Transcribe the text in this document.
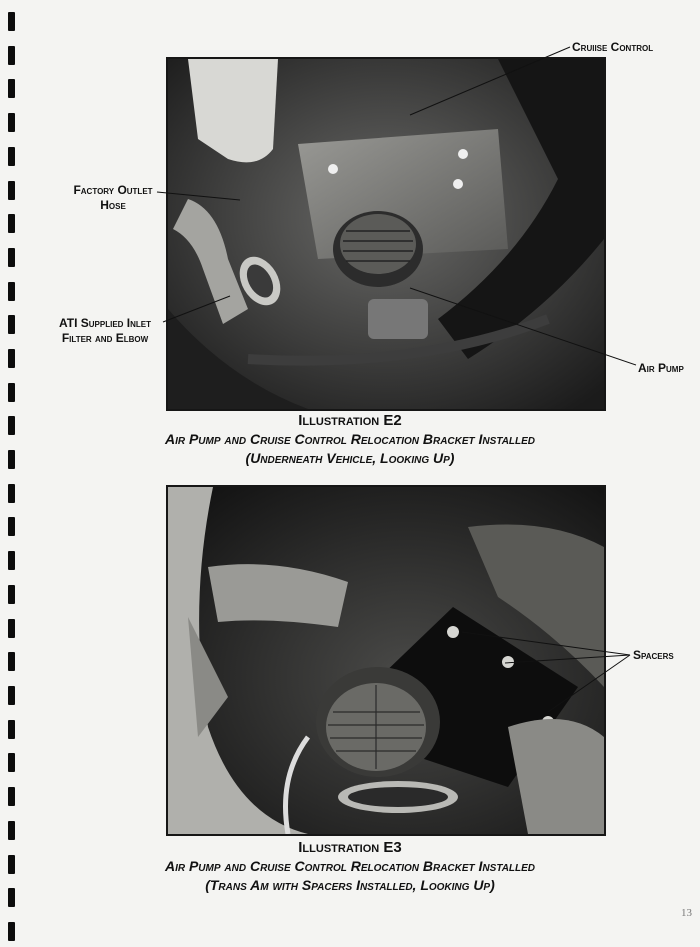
Cruiise Control
Factory Outlet
Hose
ATI Supplied Inlet
Filter and Elbow
Air Pump
Spacers
Illustration E2
Air Pump and Cruise Control Relocation Bracket Installed
(Underneath Vehicle, Looking Up)
Illustration E3
Air Pump and Cruise Control Relocation Bracket Installed
(Trans Am with Spacers Installed, Looking Up)
13
